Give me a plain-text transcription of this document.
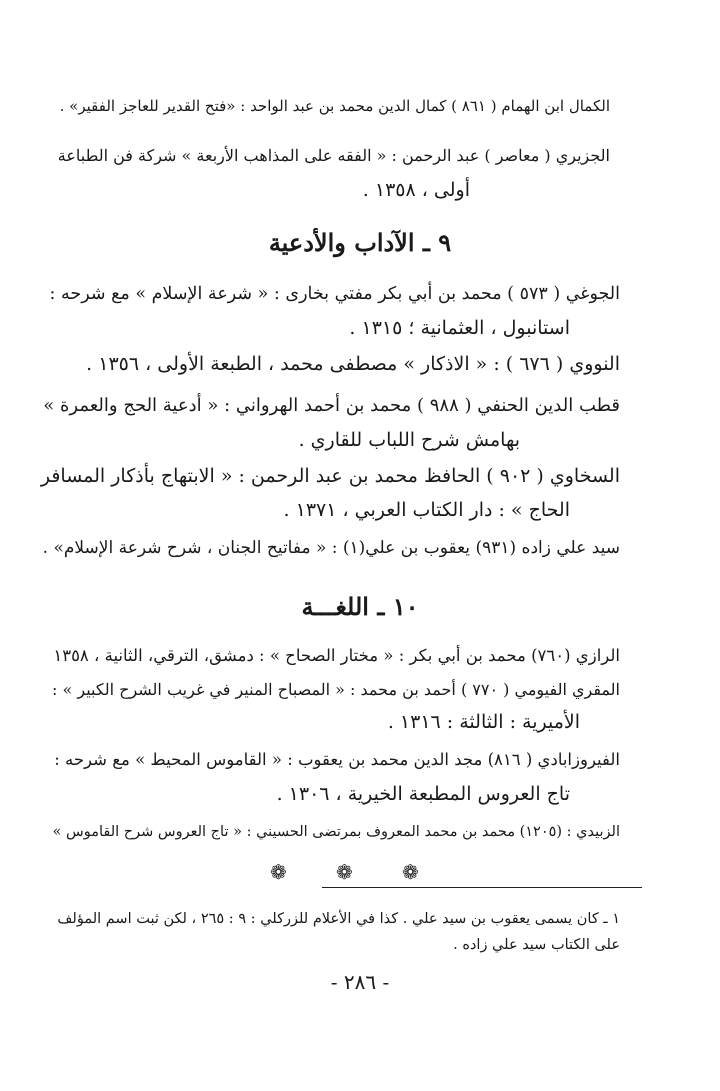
الكمال ابن الهمام ( ٨٦١ ) كمال الدين محمد بن عبد الواحد : «فتح القدير للعاجز الفقير» .
الجزيري ( معاصر ) عبد الرحمن : « الفقه على المذاهب الأربعة » شركة فن الطباعة
أولى ، ١٣٥٨ .
٩ ـ الآداب والأدعية
الجوغي ( ٥٧٣ ) محمد بن أبي بكر مفتي بخارى : « شرعة الإسلام » مع شرحه :
استانبول ، العثمانية ؛ ١٣١٥ .
النووي ( ٦٧٦ ) : « الاذكار » مصطفى محمد ، الطبعة الأولى ، ١٣٥٦ .
قطب الدين الحنفي ( ٩٨٨ ) محمد بن أحمد الهرواني : « أدعية الحج والعمرة »
بهامش شرح اللباب للقاري .
السخاوي ( ٩٠٢ ) الحافظ محمد بن عبد الرحمن : « الابتهاج بأذكار المسافر
الحاج » : دار الكتاب العربي ، ١٣٧١ .
سيد علي زاده (٩٣١) يعقوب بن علي(١) : « مفاتيح الجنان ، شرح شرعة الإسلام» .
١٠ ـ اللغـــة
الرازي (٧٦٠) محمد بن أبي بكر : « مختار الصحاح » : دمشق، الترقي، الثانية ، ١٣٥٨
المقري الفيومي ( ٧٧٠ ) أحمد بن محمد : « المصباح المنير في غريب الشرح الكبير » :
الأميرية : الثالثة : ١٣١٦ .
الفيروزابادي ( ٨١٦) مجد الدين محمد بن يعقوب : « القاموس المحيط » مع شرحه :
تاج العروس المطبعة الخيرية ، ١٣٠٦ .
الزبيدي : (١٢٠٥) محمد بن محمد المعروف بمرتضى الحسيني : « تاج العروس شرح القاموس »
❁ ❁ ❁
١ ـ كان يسمى يعقوب بن سيد علي . كذا في الأعلام للزركلي : ٩ : ٢٦٥ ، لكن ثبت اسم المؤلف
على الكتاب سيد علي زاده .
- ٢٨٦ -
